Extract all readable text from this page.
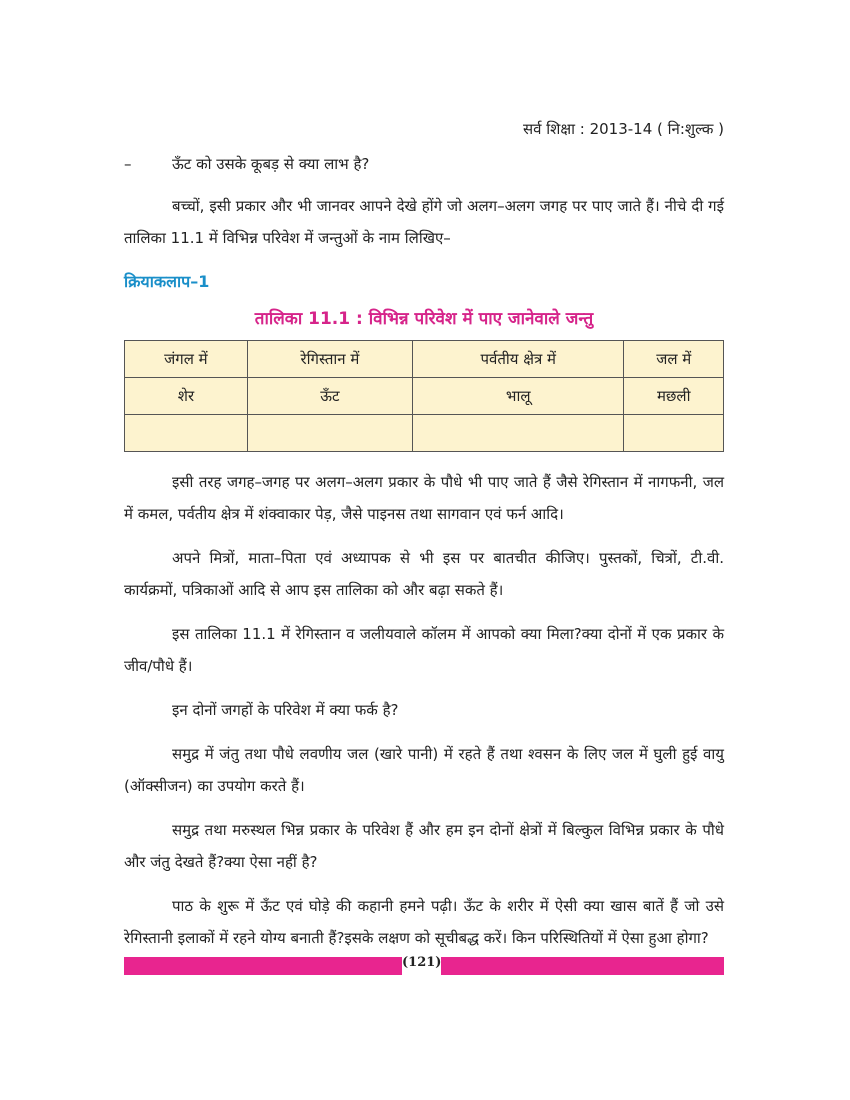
सर्व शिक्षा : 2013-14 ( नि:शुल्क )
–	ऊँट को उसके कूबड़ से क्या लाभ है?

बच्चों, इसी प्रकार और भी जानवर आपने देखे होंगे जो अलग–अलग जगह पर पाए जाते हैं। नीचे दी गई तालिका 11.1 में विभिन्न परिवेश में जन्तुओं के नाम लिखिए–

क्रियाकलाप–1
तालिका 11.1 : विभिन्न परिवेश में पाए जानेवाले जन्तु
जंगल में	रेगिस्तान में	पर्वतीय क्षेत्र में	जल में
शेर	ऊँट	भालू	मछली

इसी तरह जगह–जगह पर अलग–अलग प्रकार के पौधे भी पाए जाते हैं जैसे रेगिस्तान में नागफनी, जल में कमल, पर्वतीय क्षेत्र में शंक्वाकार पेड़, जैसे पाइनस तथा सागवान एवं फर्न आदि।

अपने मित्रों, माता–पिता एवं अध्यापक से भी इस पर बातचीत कीजिए। पुस्तकों, चित्रों, टी.वी. कार्यक्रमों, पत्रिकाओं आदि से आप इस तालिका को और बढ़ा सकते हैं।

इस तालिका 11.1 में रेगिस्तान व जलीयवाले कॉलम में आपको क्या मिला?क्या दोनों में एक प्रकार के जीव/पौधे हैं।

इन दोनों जगहों के परिवेश में क्या फर्क है?

समुद्र में जंतु तथा पौधे लवणीय जल (खारे पानी) में रहते हैं तथा श्वसन के लिए जल में घुली हुई वायु (ऑक्सीजन) का उपयोग करते हैं।

समुद्र तथा मरुस्थल भिन्न प्रकार के परिवेश हैं और हम इन दोनों क्षेत्रों में बिल्कुल विभिन्न प्रकार के पौधे और जंतु देखते हैं?क्या ऐसा नहीं है?

पाठ के शुरू में ऊँट एवं घोड़े की कहानी हमने पढ़ी। ऊँट के शरीर में ऐसी क्या खास बातें हैं जो उसे रेगिस्तानी इलाकों में रहने योग्य बनाती हैं?इसके लक्षण को सूचीबद्ध करें। किन परिस्थितियों में ऐसा हुआ होगा?

(121)
